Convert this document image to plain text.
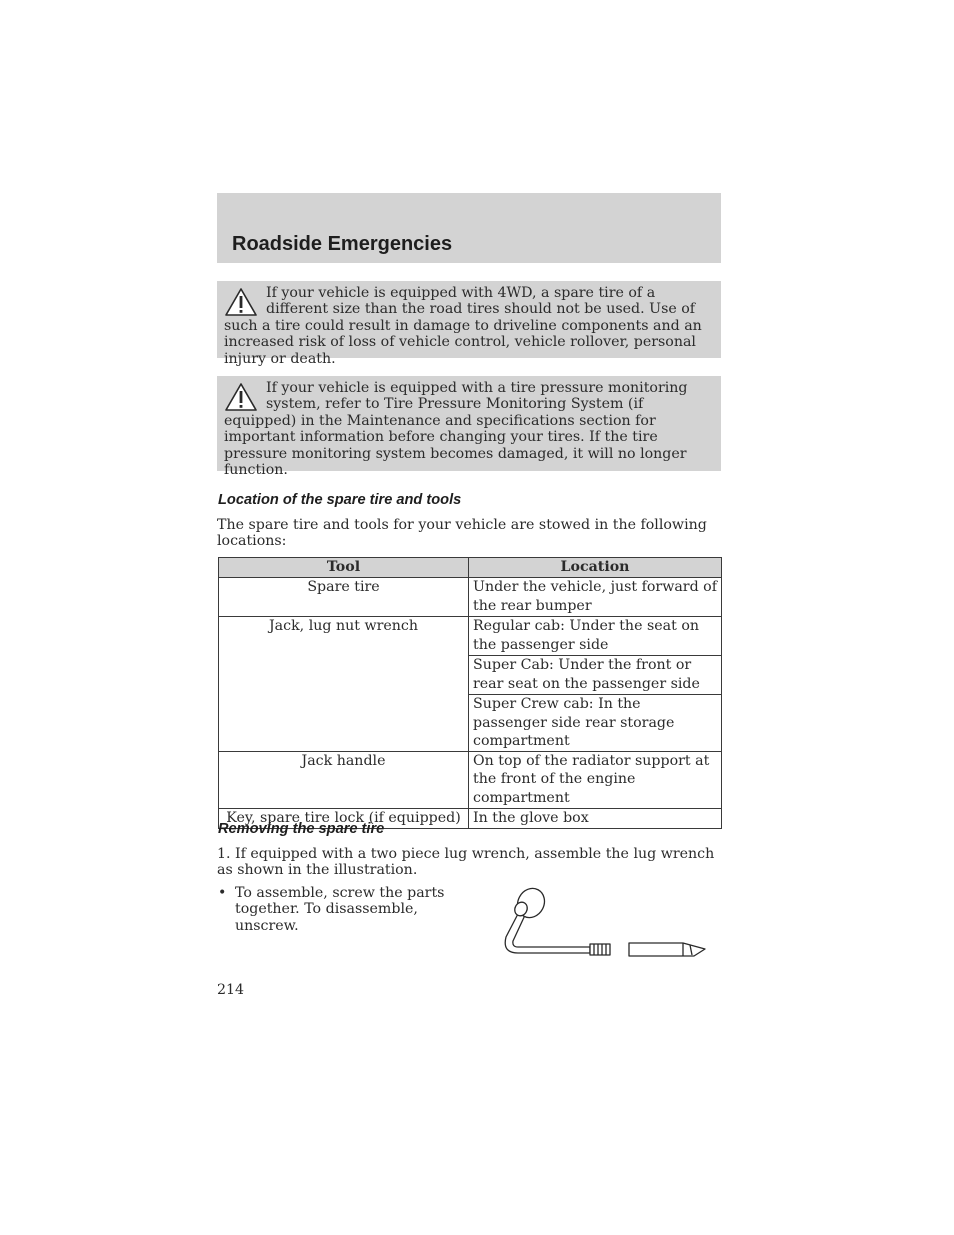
Roadside Emergencies

If your vehicle is equipped with 4WD, a spare tire of a different size than the road tires should not be used. Use of such a tire could result in damage to driveline components and an increased risk of loss of vehicle control, vehicle rollover, personal injury or death.

If your vehicle is equipped with a tire pressure monitoring system, refer to Tire Pressure Monitoring System (if equipped) in the Maintenance and specifications section for important information before changing your tires. If the tire pressure monitoring system becomes damaged, it will no longer function.

Location of the spare tire and tools

The spare tire and tools for your vehicle are stowed in the following locations:

Tool	Location
Spare tire	Under the vehicle, just forward of the rear bumper
Jack, lug nut wrench	Regular cab: Under the seat on the passenger side
	Super Cab: Under the front or rear seat on the passenger side
	Super Crew cab: In the passenger side rear storage compartment
Jack handle	On top of the radiator support at the front of the engine compartment
Key, spare tire lock (if equipped)	In the glove box
Removing the spare tire

1. If equipped with a two piece lug wrench, assemble the lug wrench as shown in the illustration.

• To assemble, screw the parts together. To disassemble, unscrew.

214
